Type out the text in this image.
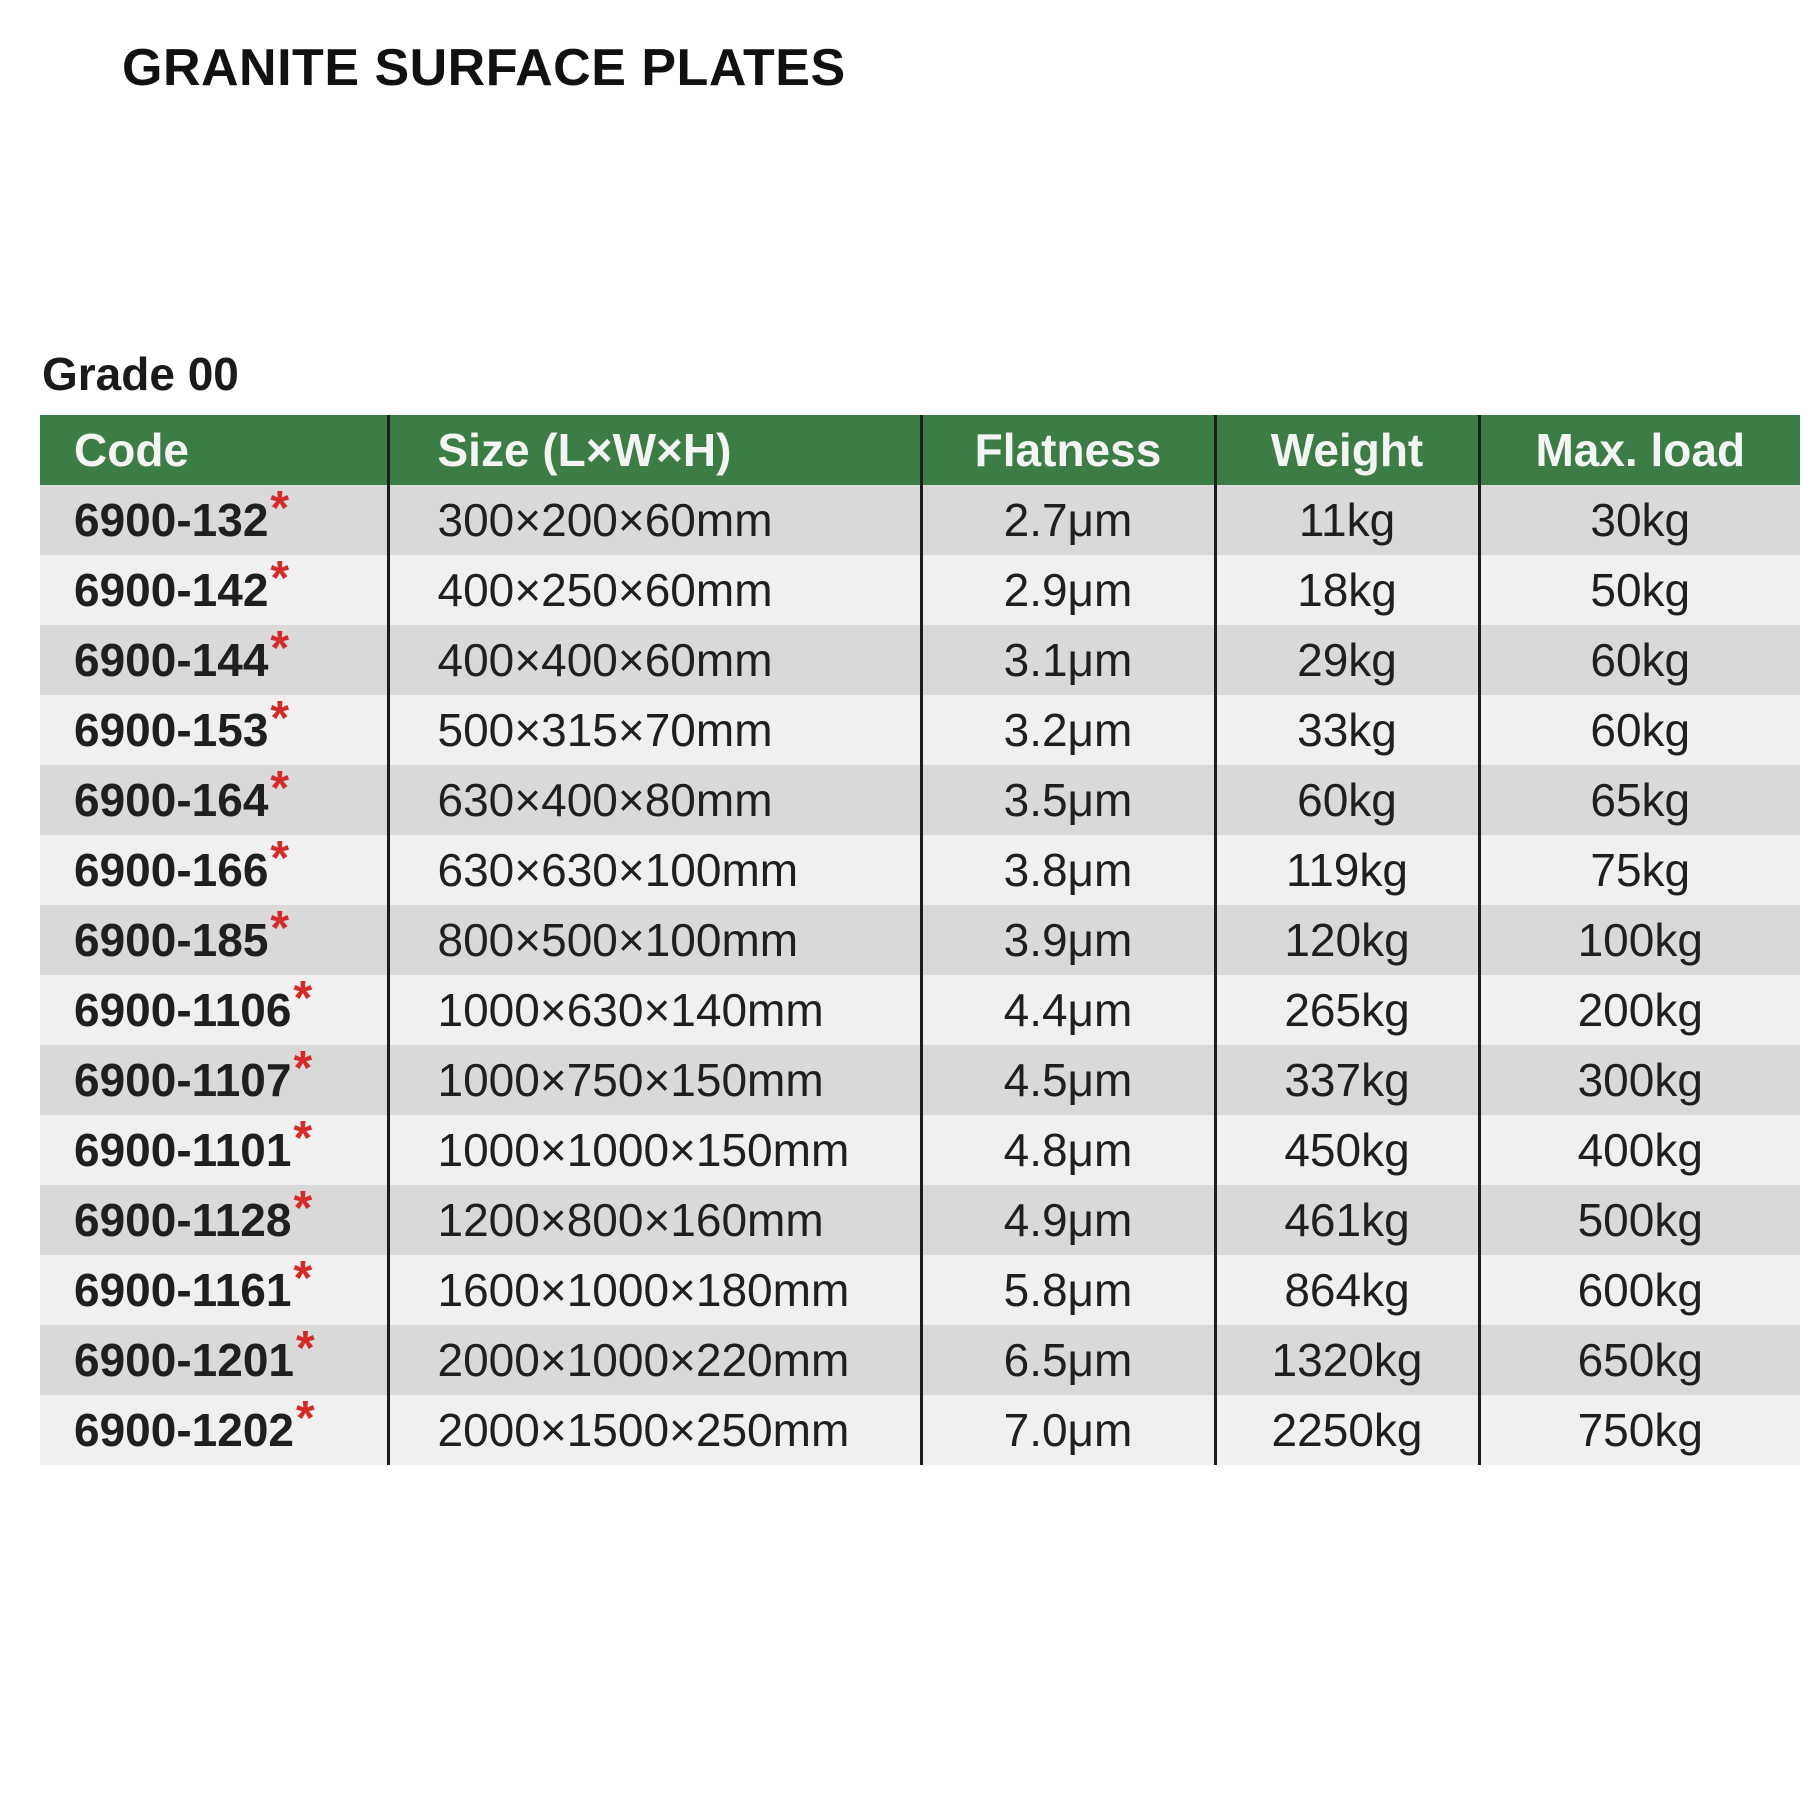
GRANITE SURFACE PLATES
Grade 00
Code	Size (L×W×H)	Flatness	Weight	Max. load
6900-132*	300×200×60mm	2.7μm	11kg	30kg
6900-142*	400×250×60mm	2.9μm	18kg	50kg
6900-144*	400×400×60mm	3.1μm	29kg	60kg
6900-153*	500×315×70mm	3.2μm	33kg	60kg
6900-164*	630×400×80mm	3.5μm	60kg	65kg
6900-166*	630×630×100mm	3.8μm	119kg	75kg
6900-185*	800×500×100mm	3.9μm	120kg	100kg
6900-1106*	1000×630×140mm	4.4μm	265kg	200kg
6900-1107*	1000×750×150mm	4.5μm	337kg	300kg
6900-1101*	1000×1000×150mm	4.8μm	450kg	400kg
6900-1128*	1200×800×160mm	4.9μm	461kg	500kg
6900-1161*	1600×1000×180mm	5.8μm	864kg	600kg
6900-1201*	2000×1000×220mm	6.5μm	1320kg	650kg
6900-1202*	2000×1500×250mm	7.0μm	2250kg	750kg
